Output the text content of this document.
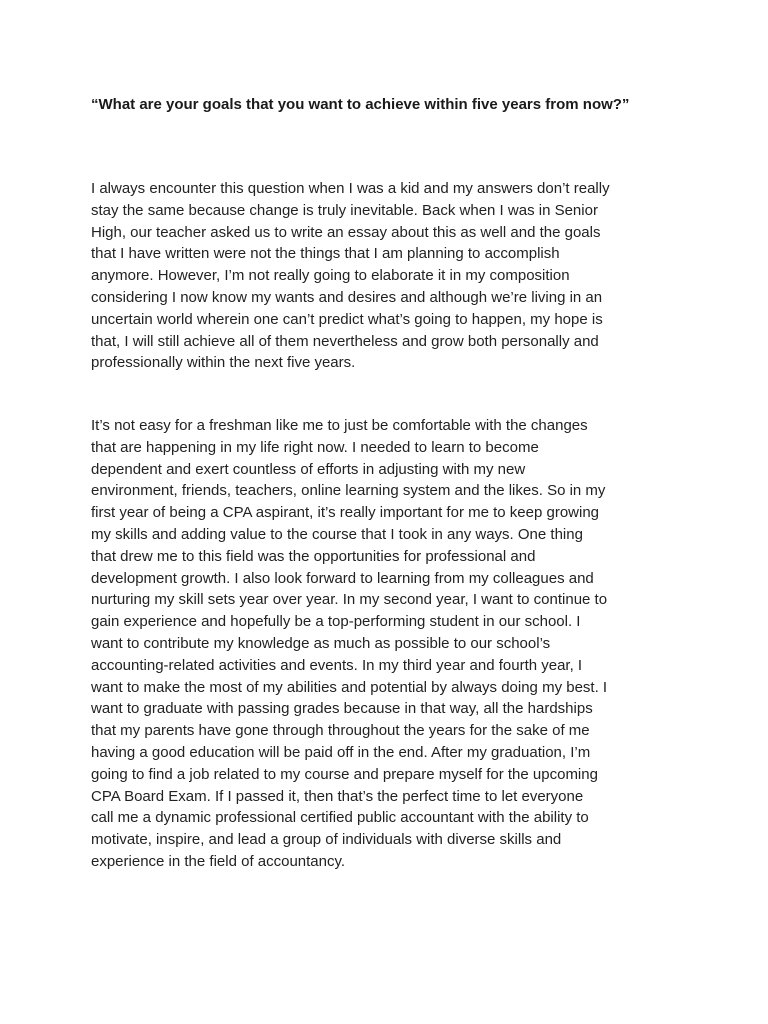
“What are your goals that you want to achieve within five years from now?”

I always encounter this question when I was a kid and my answers don’t really
stay the same because change is truly inevitable. Back when I was in Senior
High, our teacher asked us to write an essay about this as well and the goals
that I have written were not the things that I am planning to accomplish
anymore. However, I’m not really going to elaborate it in my composition
considering I now know my wants and desires and although we’re living in an
uncertain world wherein one can’t predict what’s going to happen, my hope is
that, I will still achieve all of them nevertheless and grow both personally and
professionally within the next five years.

It’s not easy for a freshman like me to just be comfortable with the changes
that are happening in my life right now. I needed to learn to become
dependent and exert countless of efforts in adjusting with my new
environment, friends, teachers, online learning system and the likes. So in my
first year of being a CPA aspirant, it’s really important for me to keep growing
my skills and adding value to the course that I took in any ways. One thing
that drew me to this field was the opportunities for professional and
development growth. I also look forward to learning from my colleagues and
nurturing my skill sets year over year. In my second year, I want to continue to
gain experience and hopefully be a top-performing student in our school. I
want to contribute my knowledge as much as possible to our school’s
accounting-related activities and events. In my third year and fourth year, I
want to make the most of my abilities and potential by always doing my best. I
want to graduate with passing grades because in that way, all the hardships
that my parents have gone through throughout the years for the sake of me
having a good education will be paid off in the end. After my graduation, I’m
going to find a job related to my course and prepare myself for the upcoming
CPA Board Exam. If I passed it, then that’s the perfect time to let everyone
call me a dynamic professional certified public accountant with the ability to
motivate, inspire, and lead a group of individuals with diverse skills and
experience in the field of accountancy.
